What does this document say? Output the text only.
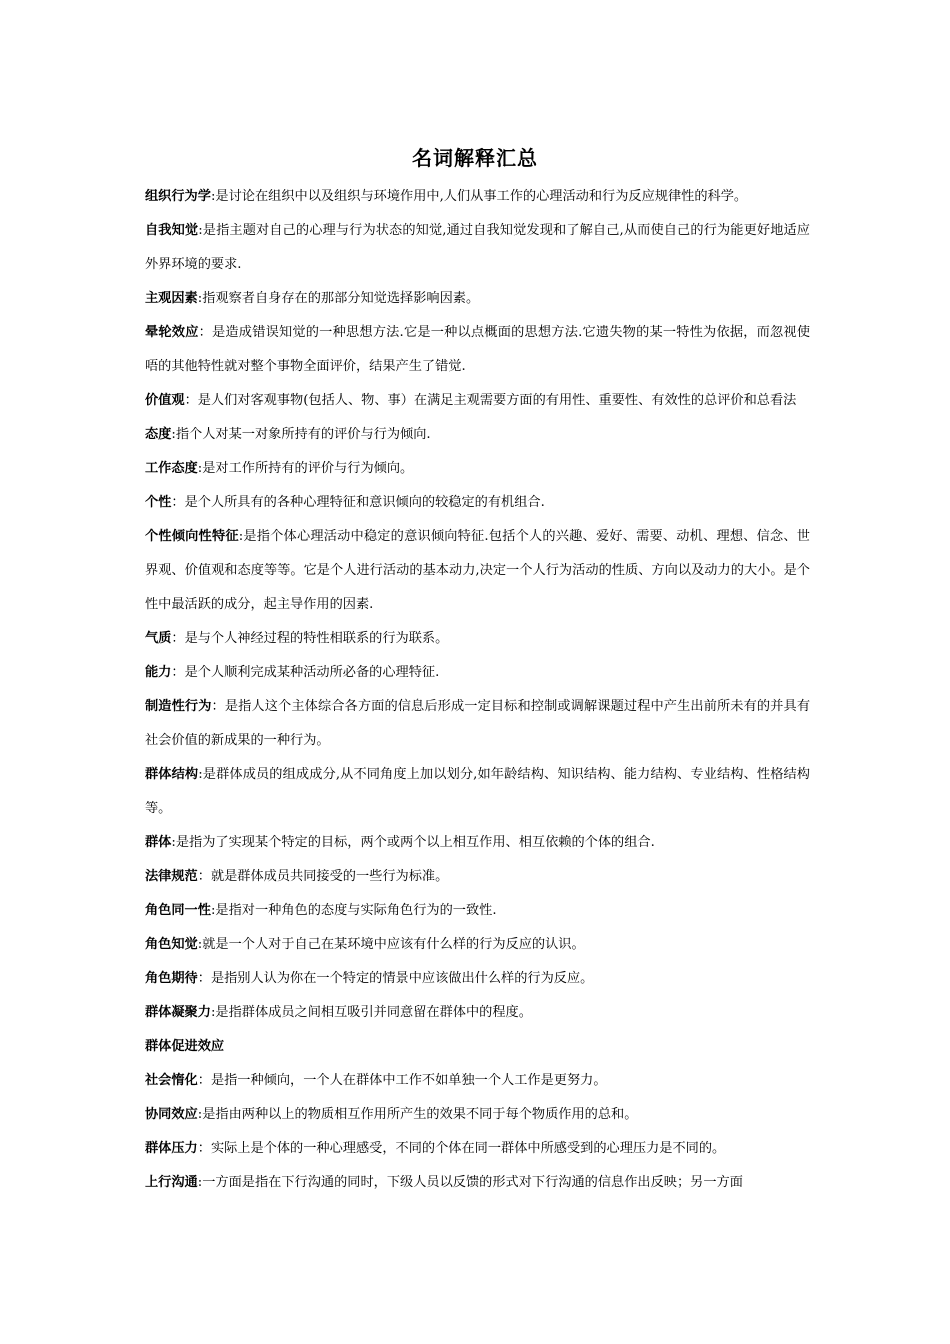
名词解释汇总

组织行为学:是讨论在组织中以及组织与环境作用中,人们从事工作的心理活动和行为反应规律性的科学。

自我知觉:是指主题对自己的心理与行为状态的知觉,通过自我知觉发现和了解自己,从而使自己的行为能更好地适应外界环境的要求.

主观因素:指观察者自身存在的那部分知觉选择影响因素。

晕轮效应：是造成错误知觉的一种思想方法.它是一种以点概面的思想方法.它遗失物的某一特性为依据，而忽视使唔的其他特性就对整个事物全面评价，结果产生了错觉.

价值观：是人们对客观事物(包括人、物、事）在满足主观需要方面的有用性、重要性、有效性的总评价和总看法

态度:指个人对某一对象所持有的评价与行为倾向.

工作态度:是对工作所持有的评价与行为倾向。

个性：是个人所具有的各种心理特征和意识倾向的较稳定的有机组合.

个性倾向性特征:是指个体心理活动中稳定的意识倾向特征.包括个人的兴趣、爱好、需要、动机、理想、信念、世界观、价值观和态度等等。它是个人进行活动的基本动力,决定一个人行为活动的性质、方向以及动力的大小。是个性中最活跃的成分，起主导作用的因素.

气质：是与个人神经过程的特性相联系的行为联系。

能力：是个人顺利完成某种活动所必备的心理特征.

制造性行为：是指人这个主体综合各方面的信息后形成一定目标和控制或调解课题过程中产生出前所未有的并具有社会价值的新成果的一种行为。

群体结构:是群体成员的组成成分,从不同角度上加以划分,如年龄结构、知识结构、能力结构、专业结构、性格结构等。

群体:是指为了实现某个特定的目标，两个或两个以上相互作用、相互依赖的个体的组合.

法律规范：就是群体成员共同接受的一些行为标准。

角色同一性:是指对一种角色的态度与实际角色行为的一致性.

角色知觉:就是一个人对于自己在某环境中应该有什么样的行为反应的认识。

角色期待：是指别人认为你在一个特定的情景中应该做出什么样的行为反应。

群体凝聚力:是指群体成员之间相互吸引并同意留在群体中的程度。

群体促进效应

社会惰化：是指一种倾向，一个人在群体中工作不如单独一个人工作是更努力。

协同效应:是指由两种以上的物质相互作用所产生的效果不同于每个物质作用的总和。

群体压力：实际上是个体的一种心理感受，不同的个体在同一群体中所感受到的心理压力是不同的。

上行沟通:一方面是指在下行沟通的同时，下级人员以反馈的形式对下行沟通的信息作出反映；另一方面
